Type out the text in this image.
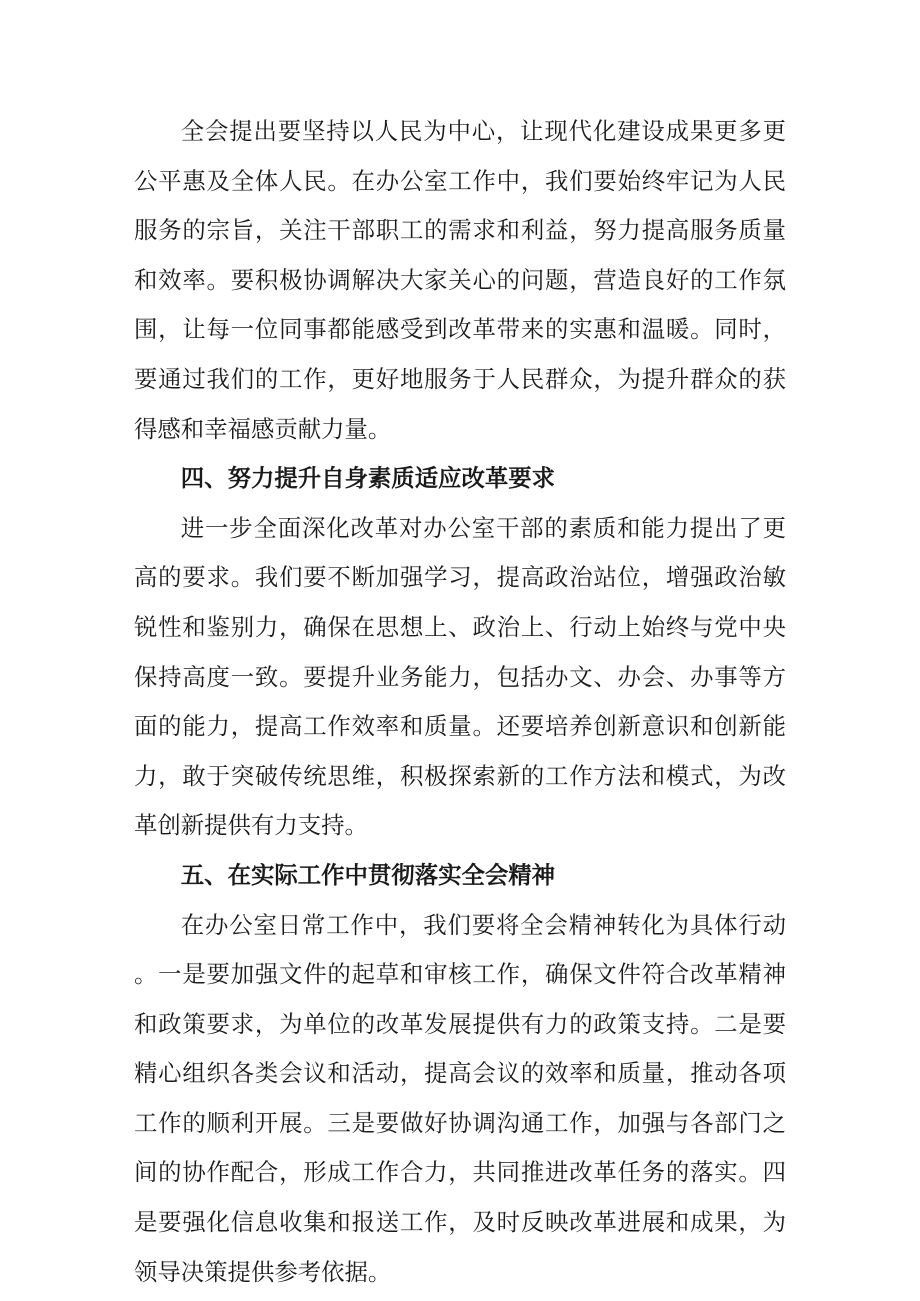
全会提出要坚持以人民为中心，让现代化建设成果更多更公平惠及全体人民。在办公室工作中，我们要始终牢记为人民服务的宗旨，关注干部职工的需求和利益，努力提高服务质量和效率。要积极协调解决大家关心的问题，营造良好的工作氛围，让每一位同事都能感受到改革带来的实惠和温暖。同时，要通过我们的工作，更好地服务于人民群众，为提升群众的获得感和幸福感贡献力量。

四、努力提升自身素质适应改革要求

进一步全面深化改革对办公室干部的素质和能力提出了更高的要求。我们要不断加强学习，提高政治站位，增强政治敏锐性和鉴别力，确保在思想上、政治上、行动上始终与党中央保持高度一致。要提升业务能力，包括办文、办会、办事等方面的能力，提高工作效率和质量。还要培养创新意识和创新能力，敢于突破传统思维，积极探索新的工作方法和模式，为改革创新提供有力支持。

五、在实际工作中贯彻落实全会精神

在办公室日常工作中，我们要将全会精神转化为具体行动。一是要加强文件的起草和审核工作，确保文件符合改革精神和政策要求，为单位的改革发展提供有力的政策支持。二是要精心组织各类会议和活动，提高会议的效率和质量，推动各项工作的顺利开展。三是要做好协调沟通工作，加强与各部门之间的协作配合，形成工作合力，共同推进改革任务的落实。四是要强化信息收集和报送工作，及时反映改革进展和成果，为领导决策提供参考依据。
